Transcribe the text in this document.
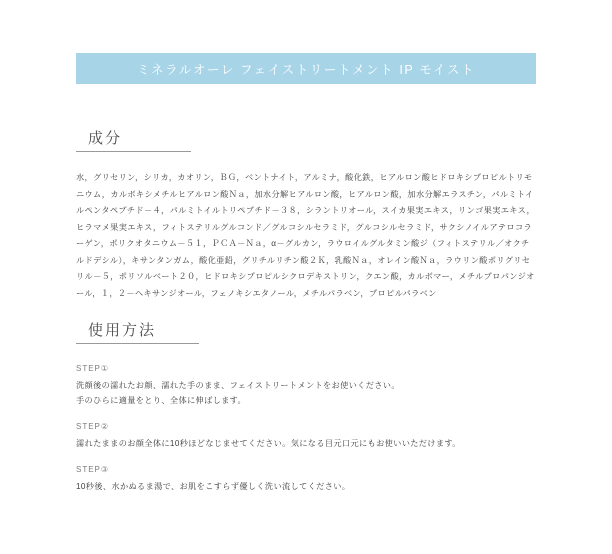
ミネラルオーレ フェイストリートメント IP モイスト
成分
水，グリセリン，シリカ，カオリン，ＢＧ，ベントナイト，アルミナ，酸化鉄，ヒアルロン酸ヒドロキシプロピルトリモニウム，カルボキシメチルヒアルロン酸Ｎａ，加水分解ヒアルロン酸，ヒアルロン酸，加水分解エラスチン，パルミトイルペンタペプチド－４，パルミトイルトリペプチド－３８，シラントリオール，スイカ果実エキス，リンゴ果実エキス，ヒラマメ果実エキス，フィトステリルグルコンド／グルコシルセラミド，グルコシルセラミド，サクシノイルアテロコラーゲン，ポリクオタニウム－５１，ＰＣＡ－Ｎａ，α－グルカン，ラウロイルグルタミン酸ジ（フィトステリル／オクチルドデシル），キサンタンガム，酸化亜鉛，グリチルリチン酸２Ｋ，乳酸Ｎａ，オレイン酸Ｎａ，ラウリン酸ポリグリセリル－５，ポリソルベート２０，ヒドロキシプロピルシクロデキストリン，クエン酸，カルボマー，メチルプロパンジオール，１，２－ヘキサンジオール，フェノキシエタノール，メチルパラベン，プロピルパラベン
使用方法
STEP①
洗顔後の濡れたお顔、濡れた手のまま、フェイストリートメントをお使いください。
手のひらに適量をとり、全体に伸ばします。
STEP②
濡れたままのお顔全体に10秒ほどなじませてください。気になる目元口元にもお使いいただけます。
STEP③
10秒後、水かぬるま湯で、お肌をこすらず優しく洗い流してください。
